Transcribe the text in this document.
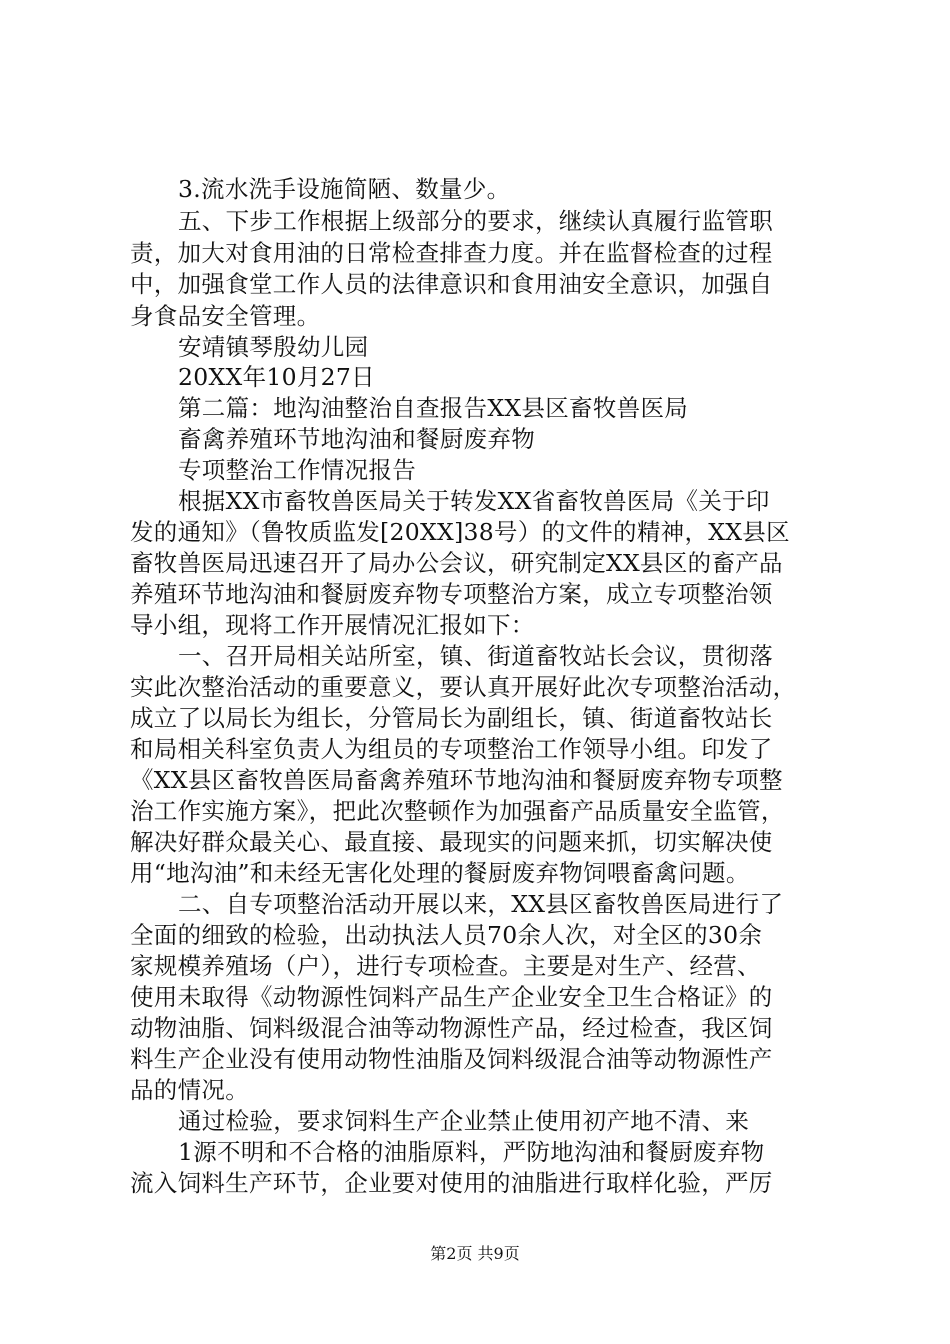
3.流水洗手设施简陋、数量少。
五、下步工作根据上级部分的要求，继续认真履行监管职
责，加大对食用油的日常检查排查力度。并在监督检查的过程
中，加强食堂工作人员的法律意识和食用油安全意识，加强自
身食品安全管理。
安靖镇琴殷幼儿园
20XX年10月27日
第二篇：地沟油整治自查报告XX县区畜牧兽医局
畜禽养殖环节地沟油和餐厨废弃物
专项整治工作情况报告
根据XX市畜牧兽医局关于转发XX省畜牧兽医局《关于印
发的通知》（鲁牧质监发[20XX]38号）的文件的精神，XX县区
畜牧兽医局迅速召开了局办公会议，研究制定XX县区的畜产品
养殖环节地沟油和餐厨废弃物专项整治方案，成立专项整治领
导小组，现将工作开展情况汇报如下：
一、召开局相关站所室，镇、街道畜牧站长会议，贯彻落
实此次整治活动的重要意义，要认真开展好此次专项整治活动，
成立了以局长为组长，分管局长为副组长，镇、街道畜牧站长
和局相关科室负责人为组员的专项整治工作领导小组。印发了
《XX县区畜牧兽医局畜禽养殖环节地沟油和餐厨废弃物专项整
治工作实施方案》，把此次整顿作为加强畜产品质量安全监管，
解决好群众最关心、最直接、最现实的问题来抓，切实解决使
用“地沟油”和未经无害化处理的餐厨废弃物饲喂畜禽问题。
二、自专项整治活动开展以来，XX县区畜牧兽医局进行了
全面的细致的检验，出动执法人员70余人次，对全区的30余
家规模养殖场（户），进行专项检查。主要是对生产、经营、
使用未取得《动物源性饲料产品生产企业安全卫生合格证》的
动物油脂、饲料级混合油等动物源性产品，经过检查，我区饲
料生产企业没有使用动物性油脂及饲料级混合油等动物源性产
品的情况。
通过检验，要求饲料生产企业禁止使用初产地不清、来
1源不明和不合格的油脂原料，严防地沟油和餐厨废弃物
流入饲料生产环节，企业要对使用的油脂进行取样化验，严厉
第2页 共9页
